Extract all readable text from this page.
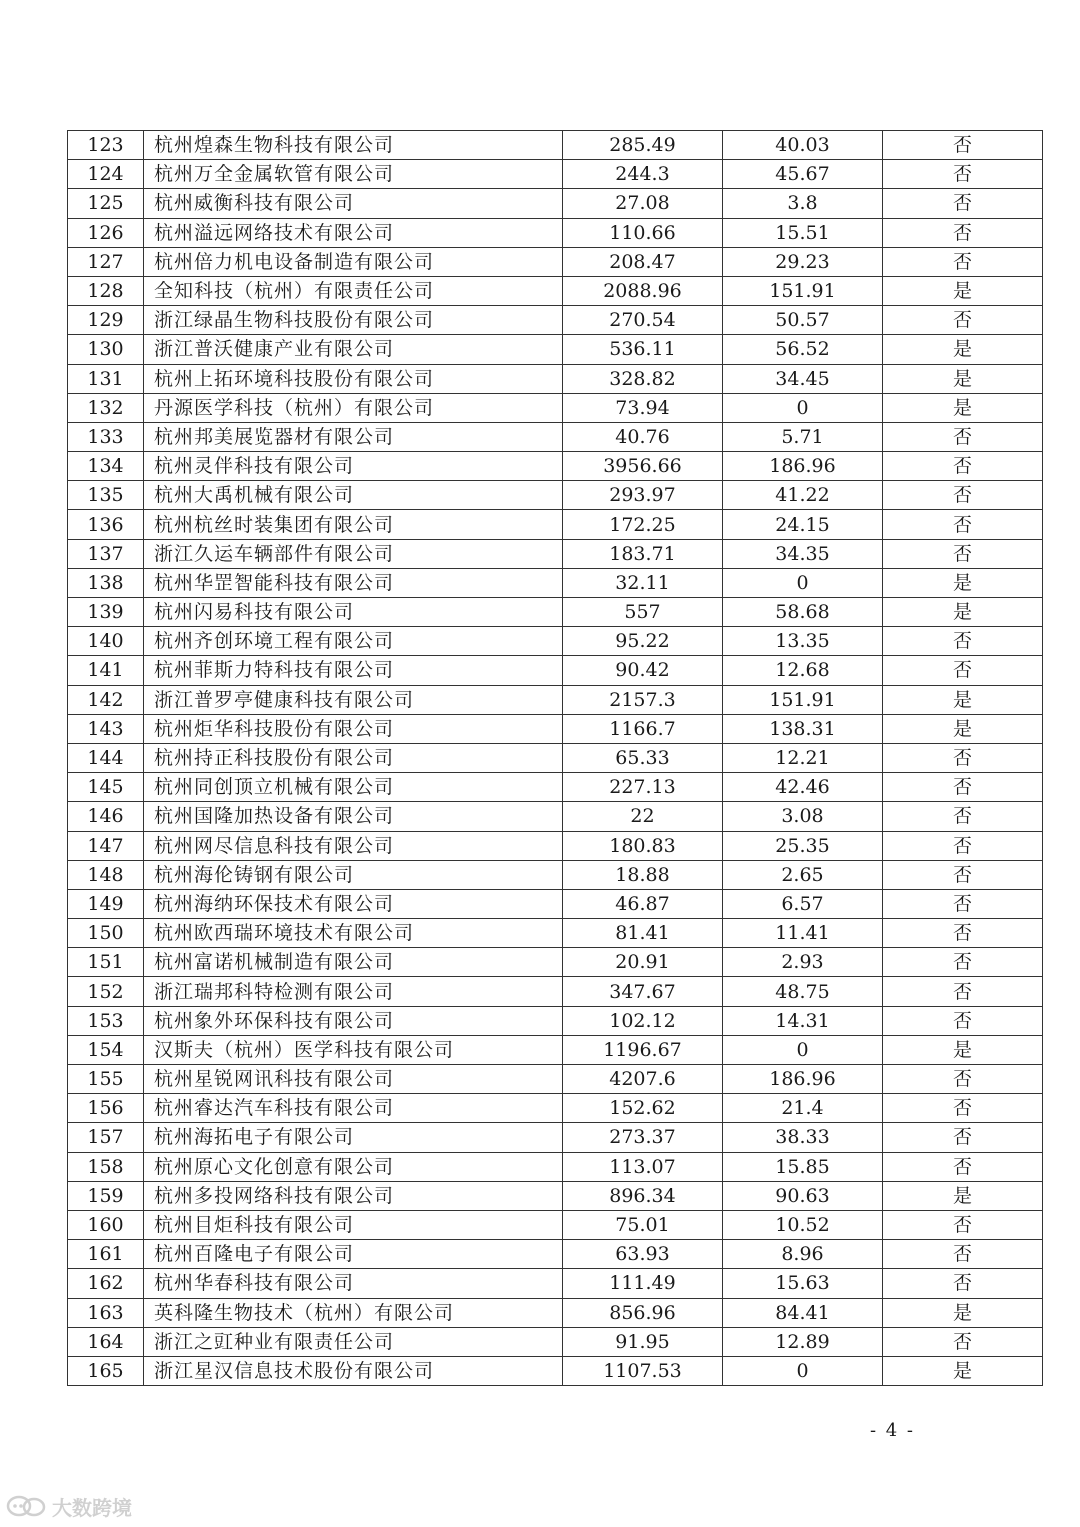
123	杭州煌森生物科技有限公司	285.49	40.03	否
124	杭州万全金属软管有限公司	244.3	45.67	否
125	杭州威衡科技有限公司	27.08	3.8	否
126	杭州溢远网络技术有限公司	110.66	15.51	否
127	杭州倍力机电设备制造有限公司	208.47	29.23	否
128	全知科技（杭州）有限责任公司	2088.96	151.91	是
129	浙江绿晶生物科技股份有限公司	270.54	50.57	否
130	浙江普沃健康产业有限公司	536.11	56.52	是
131	杭州上拓环境科技股份有限公司	328.82	34.45	是
132	丹源医学科技（杭州）有限公司	73.94	0	是
133	杭州邦美展览器材有限公司	40.76	5.71	否
134	杭州灵伴科技有限公司	3956.66	186.96	否
135	杭州大禹机械有限公司	293.97	41.22	否
136	杭州杭丝时装集团有限公司	172.25	24.15	否
137	浙江久运车辆部件有限公司	183.71	34.35	否
138	杭州华罡智能科技有限公司	32.11	0	是
139	杭州闪易科技有限公司	557	58.68	是
140	杭州齐创环境工程有限公司	95.22	13.35	否
141	杭州菲斯力特科技有限公司	90.42	12.68	否
142	浙江普罗亭健康科技有限公司	2157.3	151.91	是
143	杭州炬华科技股份有限公司	1166.7	138.31	是
144	杭州持正科技股份有限公司	65.33	12.21	否
145	杭州同创顶立机械有限公司	227.13	42.46	否
146	杭州国隆加热设备有限公司	22	3.08	否
147	杭州网尽信息科技有限公司	180.83	25.35	否
148	杭州海伦铸钢有限公司	18.88	2.65	否
149	杭州海纳环保技术有限公司	46.87	6.57	否
150	杭州欧西瑞环境技术有限公司	81.41	11.41	否
151	杭州富诺机械制造有限公司	20.91	2.93	否
152	浙江瑞邦科特检测有限公司	347.67	48.75	否
153	杭州象外环保科技有限公司	102.12	14.31	否
154	汉斯夫（杭州）医学科技有限公司	1196.67	0	是
155	杭州星锐网讯科技有限公司	4207.6	186.96	否
156	杭州睿达汽车科技有限公司	152.62	21.4	否
157	杭州海拓电子有限公司	273.37	38.33	否
158	杭州原心文化创意有限公司	113.07	15.85	否
159	杭州多投网络科技有限公司	896.34	90.63	是
160	杭州目炬科技有限公司	75.01	10.52	否
161	杭州百隆电子有限公司	63.93	8.96	否
162	杭州华春科技有限公司	111.49	15.63	否
163	英科隆生物技术（杭州）有限公司	856.96	84.41	是
164	浙江之豇种业有限责任公司	91.95	12.89	否
165	浙江星汉信息技术股份有限公司	1107.53	0	是
- 4 -
大数跨境
